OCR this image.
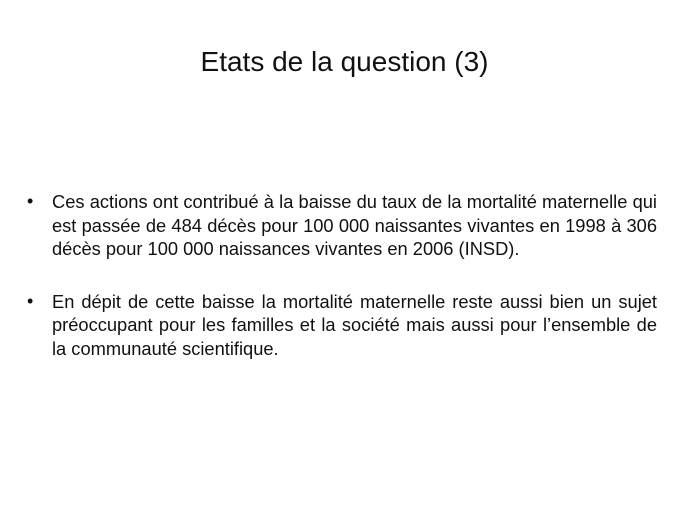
Etats de la question (3)
•	Ces actions ont contribué à la baisse du taux de la mortalité maternelle qui est passée de 484 décès pour 100 000 naissantes vivantes en 1998 à 306 décès pour 100 000 naissances vivantes en 2006 (INSD).
•	En dépit de cette baisse la mortalité maternelle reste aussi bien un sujet préoccupant pour les familles et la société mais aussi pour l’ensemble de la communauté scientifique.
